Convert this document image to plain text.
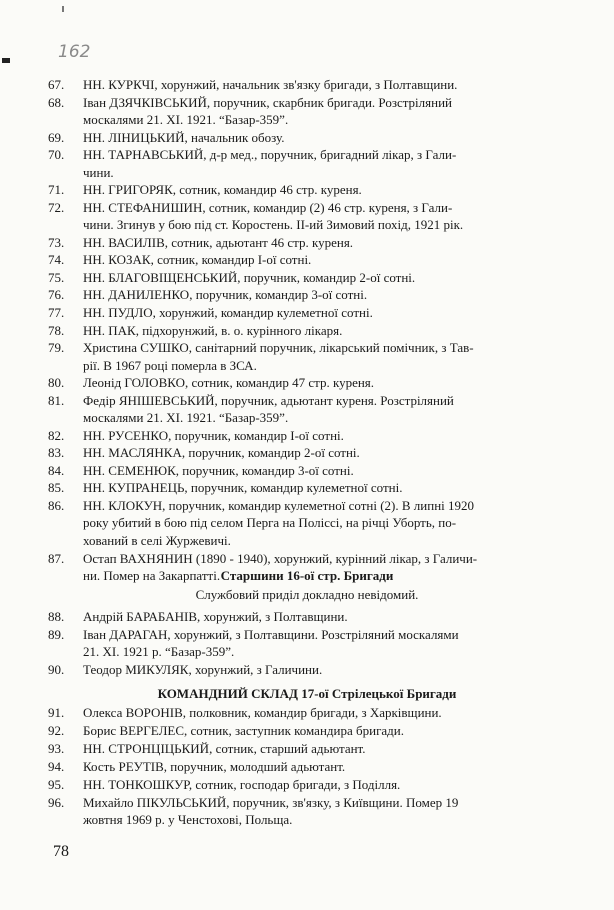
162
67.	НН. КУРКЧІ, хорунжий, начальник зв'язку бригади, з Полтавщини.
68.	Іван ДЗЯЧКІВСЬКИЙ, поручник, скарбник бригади. Розстріляний
москалями 21. XI. 1921. “Базар-359”.
69.	НН. ЛІНИЦЬКИЙ, начальник обозу.
70.	НН. ТАРНАВСЬКИЙ, д-р мед., поручник, бригадний лікар, з Гали-
чини.
71.	НН. ГРИГОРЯК, сотник, командир 46 стр. куреня.
72.	НН. СТЕФАНИШИН, сотник, командир (2) 46 стр. куреня, з Гали-
чини. Згинув у бою під ст. Коростень. ІІ-ий Зимовий похід, 1921 рік.
73.	НН. ВАСИЛІВ, сотник, адьютант 46 стр. куреня.
74.	НН. КОЗАК, сотник, командир І-ої сотні.
75.	НН. БЛАГОВІЩЕНСЬКИЙ, поручник, командир 2-ої сотні.
76.	НН. ДАНИЛЕНКО, поручник, командир 3-ої сотні.
77.	НН. ПУДЛО, хорунжий, командир кулеметної сотні.
78.	НН. ПАК, підхорунжий, в. о. курінного лікаря.
79.	Христина СУШКО, санітарний поручник, лікарський помічник, з Тав-
рії. В 1967 році померла в ЗСА.
80.	Леонід ГОЛОВКО, сотник, командир 47 стр. куреня.
81.	Федір ЯНІШЕВСЬКИЙ, поручник, адьютант куреня. Розстріляний
москалями 21. XI. 1921. “Базар-359”.
82.	НН. РУСЕНКО, поручник, командир І-ої сотні.
83.	НН. МАСЛЯНКА, поручник, командир 2-ої сотні.
84.	НН. СЕМЕНЮК, поручник, командир 3-ої сотні.
85.	НН. КУПРАНЕЦЬ, поручник, командир кулеметної сотні.
86.	НН. КЛОКУН, поручник, командир кулеметної сотні (2). В липні 1920
року убитий в бою під селом Перга на Поліссі, на річці Уборть, по-
хований в селі Журжевичі.
87.	Остап ВАХНЯНИН (1890 - 1940), хорунжий, курінний лікар, з Галичи-
ни. Помер на Закарпатті. Старшини 16-ої стр. Бригади
Службовий приділ докладно невідомий.
88.	Андрій БАРАБАНІВ, хорунжий, з Полтавщини.
89.	Іван ДАРАГАН, хорунжий, з Полтавщини. Розстріляний москалями
21. XI. 1921 р. “Базар-359”.
90.	Теодор МИКУЛЯК, хорунжий, з Галичини.
КОМАНДНИЙ СКЛАД 17-ої Стрілецької Бригади
91.	Олекса ВОРОНІВ, полковник, командир бригади, з Харківщини.
92.	Борис ВЕРГЕЛЕС, сотник, заступник командира бригади.
93.	НН. СТРОНЦІЦЬКИЙ, сотник, старший адьютант.
94.	Кость РЕУТІВ, поручник, молодший адьютант.
95.	НН. ТОНКОШКУР, сотник, господар бригади, з Поділля.
96.	Михайло ПІКУЛЬСЬКИЙ, поручник, зв'язку, з Київщини. Помер 19
жовтня 1969 р. у Ченстохові, Польща.
78
